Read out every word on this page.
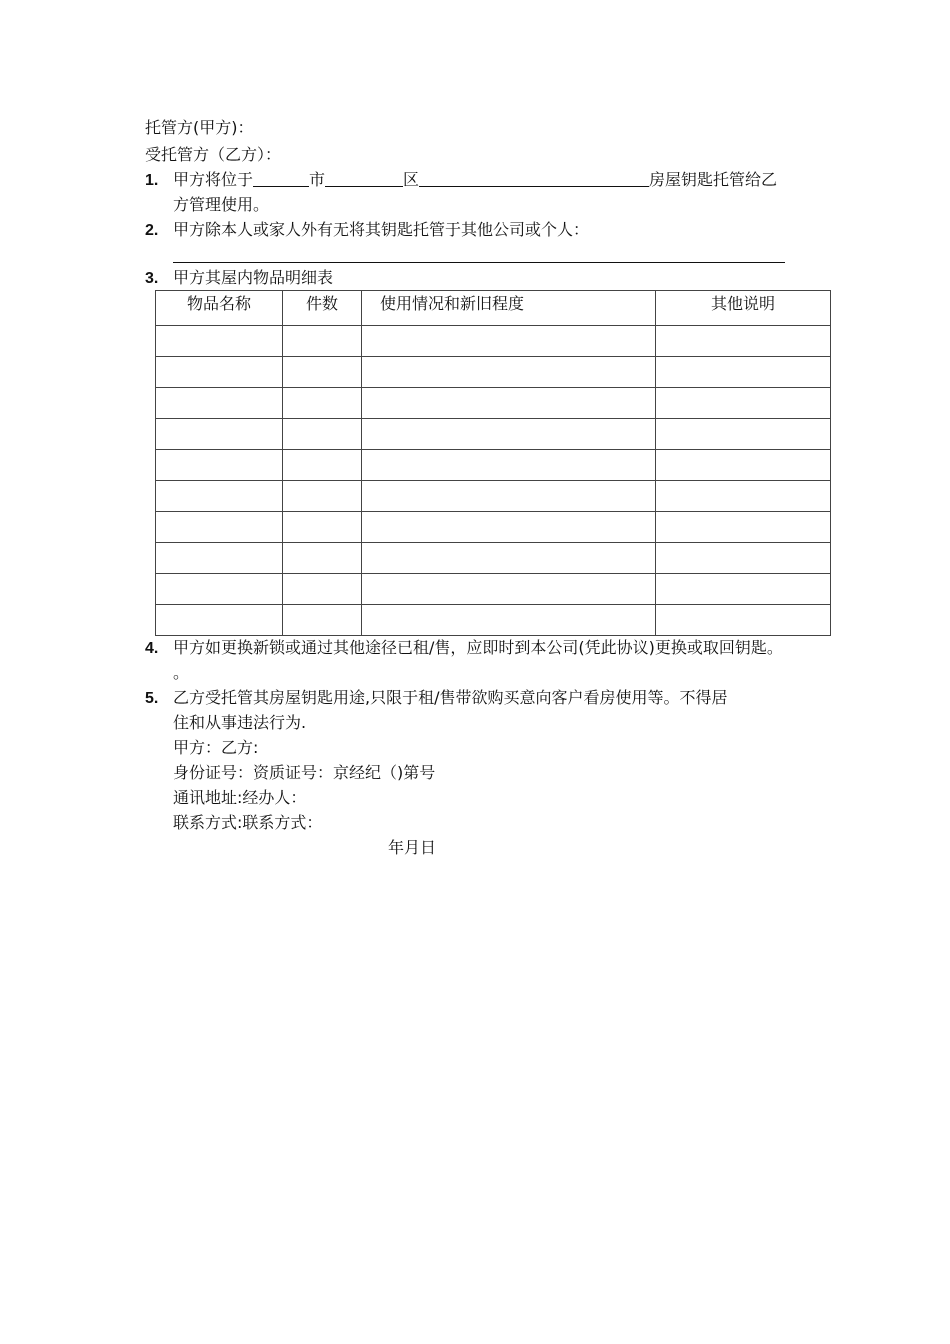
托管方(甲方)：
受托管方（乙方）：
1. 甲方将位于	市	区	房屋钥匙托管给乙
方管理使用。
2. 甲方除本人或家人外有无将其钥匙托管于其他公司或个人：
3. 甲方其屋内物品明细表
物品名称	件数	使用情况和新旧程度	其他说明

4. 甲方如更换新锁或通过其他途径已租/售，应即时到本公司(凭此协议)更换或取回钥匙。
。
5. 乙方受托管其房屋钥匙用途,只限于租/售带欲购买意向客户看房使用等。不得居
住和从事违法行为.
甲方：乙方:
身份证号：资质证号：京经纪（)第号
通讯地址:经办人：
联系方式:联系方式：
年月日
